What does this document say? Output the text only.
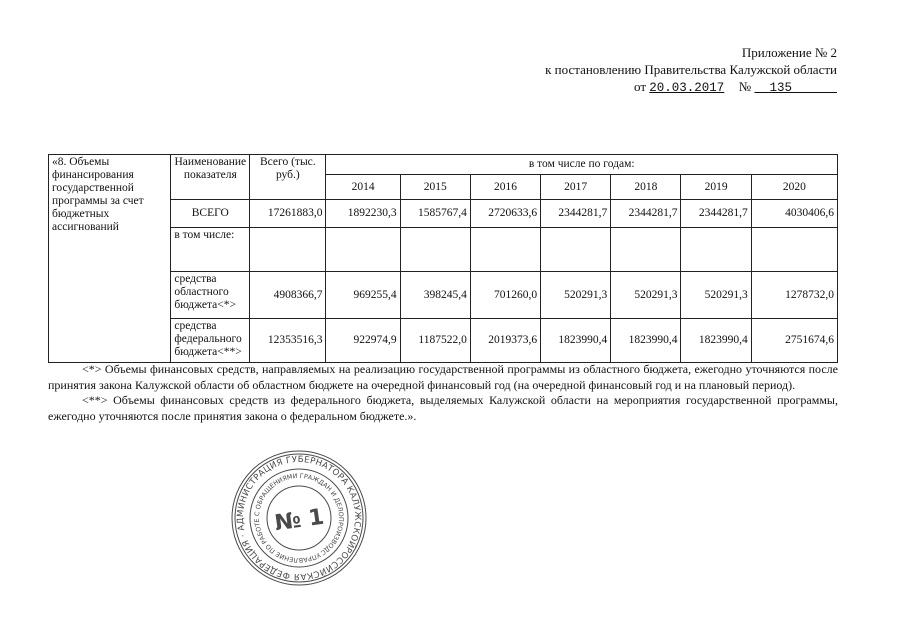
Приложение № 2
к постановлению Правительства Калужской области
от 20.03.2017 № 135
«8. Объемы финансирования государственной программы за счет бюджетных ассигнований	Наименование показателя	Всего (тыс. руб.)	в том числе по годам:						
			2014	2015	2016	2017	2018	2019	2020
	ВСЕГО	17261883,0	1892230,3	1585767,4	2720633,6	2344281,7	2344281,7	2344281,7	4030406,6
	в том числе:								
	средства областного бюджета<*>	4908366,7	969255,4	398245,4	701260,0	520291,3	520291,3	520291,3	1278732,0
	средства федерального бюджета<**>	12353516,3	922974,9	1187522,0	2019373,6	1823990,4	1823990,4	1823990,4	2751674,6

<*> Объемы финансовых средств, направляемых на реализацию государственной программы из областного бюджета, ежегодно уточняются после принятия закона Калужской области об областном бюджете на очередной финансовый год (на очередной финансовый год и на плановый период).

<**> Объемы финансовых средств из федерального бюджета, выделяемых Калужской области на мероприятия государственной программы, ежегодно уточняются после принятия закона о федеральном бюджете.».

РОССИЙСКАЯ ФЕДЕРАЦИЯ · АДМИНИСТРАЦИЯ ГУБЕРНАТОРА КАЛУЖСКОЙ
УПРАВЛЕНИЕ ПО РАБОТЕ С ОБРАЩЕНИЯМИ ГРАЖДАН И ДЕЛОПРОИЗВОДСТВУ
№ 1
